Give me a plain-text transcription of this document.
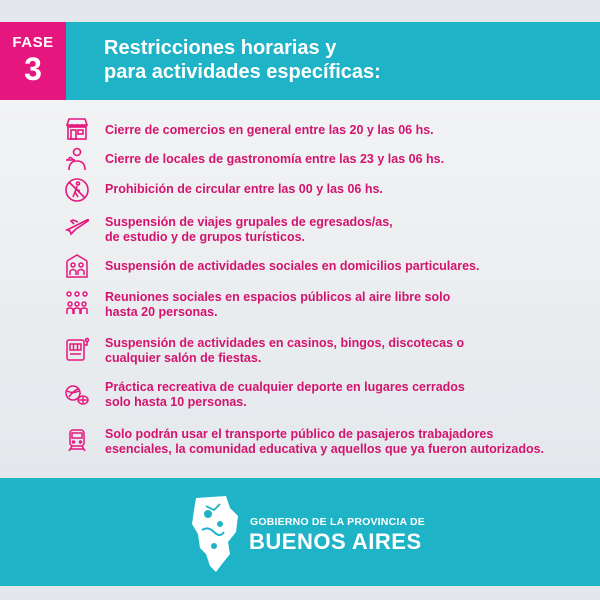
FASE
3
Restricciones horarias y
para actividades específicas:
Cierre de comercios en general entre las 20 y las 06 hs.
Cierre de locales de gastronomía entre las 23 y las 06 hs.
Prohibición de circular entre las 00 y las 06 hs.
Suspensión de viajes grupales de egresados/as,
de estudio y de grupos turísticos.
Suspensión de actividades sociales en domicilios particulares.
Reuniones sociales en espacios públicos al aire libre solo
hasta 20 personas.
Suspensión de actividades en casinos, bingos, discotecas o
cualquier salón de fiestas.
Práctica recreativa de cualquier deporte en lugares cerrados
solo hasta 10 personas.
Solo podrán usar el transporte público de pasajeros trabajadores
esenciales, la comunidad educativa y aquellos que ya fueron autorizados.
GOBIERNO DE LA PROVINCIA DE
BUENOS AIRES
